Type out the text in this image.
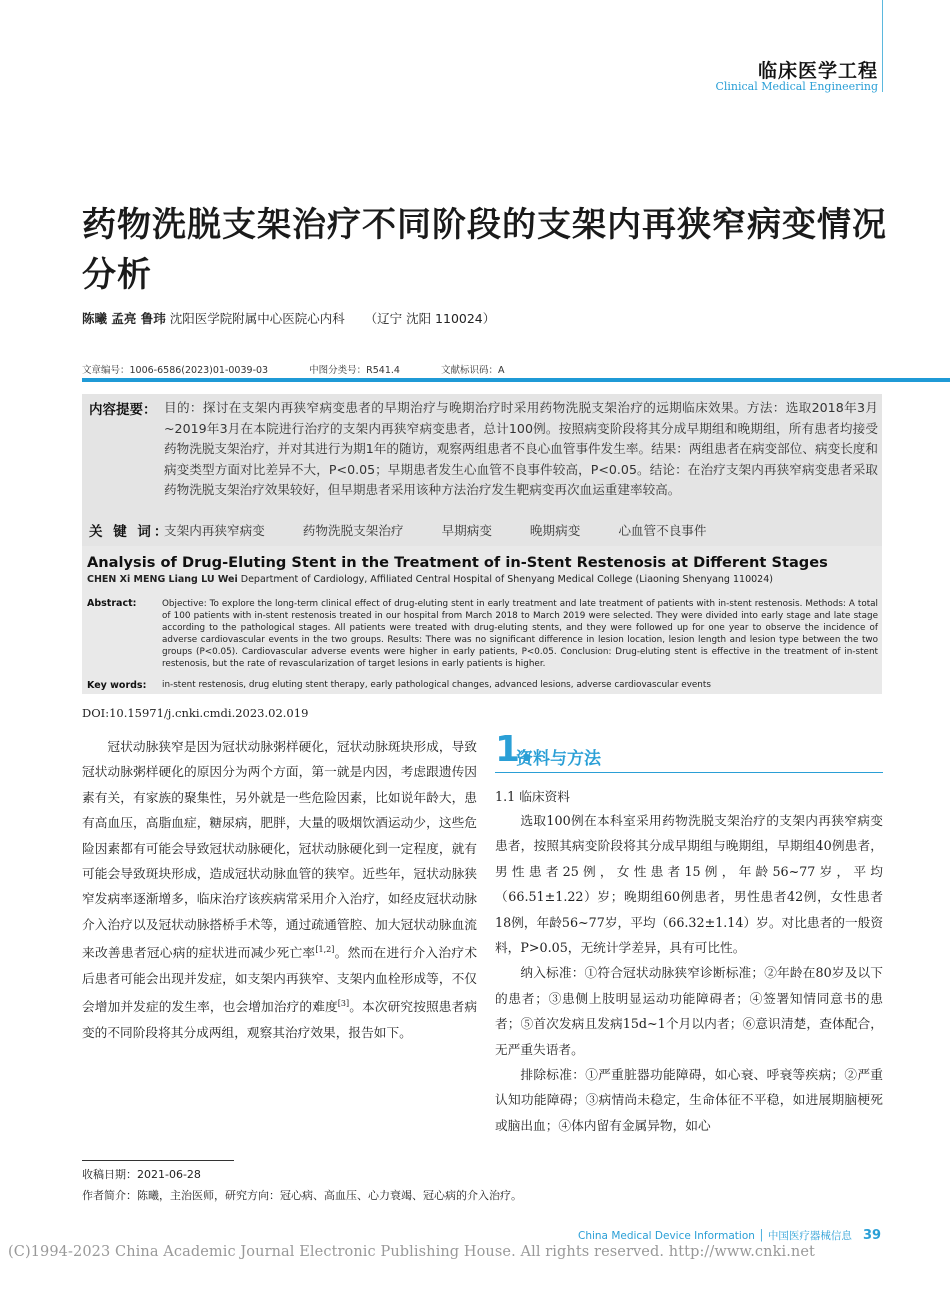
临床医学工程
Clinical Medical Engineering
药物洗脱支架治疗不同阶段的支架内再狭窄病变情况分析
陈曦 孟亮 鲁玮 沈阳医学院附属中心医院心内科 （辽宁 沈阳 110024）
文章编号：1006-6586(2023)01-0039-03	中图分类号：R541.4	文献标识码：A
内容提要： 目的：探讨在支架内再狭窄病变患者的早期治疗与晚期治疗时采用药物洗脱支架治疗的远期临床效果。方法：选取2018年3月~2019年3月在本院进行治疗的支架内再狭窄病变患者，总计100例。按照病变阶段将其分成早期组和晚期组，所有患者均接受药物洗脱支架治疗，并对其进行为期1年的随访，观察两组患者不良心血管事件发生率。结果：两组患者在病变部位、病变长度和病变类型方面对比差异不大，P<0.05；早期患者发生心血管不良事件较高，P<0.05。结论：在治疗支架内再狭窄病变患者采取药物洗脱支架治疗效果较好，但早期患者采用该种方法治疗发生靶病变再次血运重建率较高。
关 键 词：
支架内再狭窄病变	药物洗脱支架治疗	早期病变	晚期病变	心血管不良事件
Analysis of Drug-Eluting Stent in the Treatment of in-Stent Restenosis at Different Stages
CHEN Xi MENG Liang LU Wei Department of Cardiology, Affiliated Central Hospital of Shenyang Medical College (Liaoning Shenyang 110024)
Abstract:	Objective: To explore the long-term clinical effect of drug-eluting stent in early treatment and late treatment of patients with in-stent restenosis. Methods: A total of 100 patients with in-stent restenosis treated in our hospital from March 2018 to March 2019 were selected. They were divided into early stage and late stage according to the pathological stages. All patients were treated with drug-eluting stents, and they were followed up for one year to observe the incidence of adverse cardiovascular events in the two groups. Results: There was no significant difference in lesion location, lesion length and lesion type between the two groups (P<0.05). Cardiovascular adverse events were higher in early patients, P<0.05. Conclusion: Drug-eluting stent is effective in the treatment of in-stent restenosis, but the rate of revascularization of target lesions in early patients is higher.
Key words: in-stent restenosis, drug eluting stent therapy, early pathological changes, advanced lesions, adverse cardiovascular events
DOI:10.15971/j.cnki.cmdi.2023.02.019

冠状动脉狭窄是因为冠状动脉粥样硬化，冠状动脉斑块形成，导致冠状动脉粥样硬化的原因分为两个方面，第一就是内因，考虑跟遗传因素有关，有家族的聚集性，另外就是一些危险因素，比如说年龄大，患有高血压，高脂血症，糖尿病，肥胖，大量的吸烟饮酒运动少，这些危险因素都有可能会导致冠状动脉硬化，冠状动脉硬化到一定程度，就有可能会导致斑块形成，造成冠状动脉血管的狭窄。近些年，冠状动脉狭窄发病率逐渐增多，临床治疗该疾病常采用介入治疗，如经皮冠状动脉介入治疗以及冠状动脉搭桥手术等，通过疏通管腔、加大冠状动脉血流来改善患者冠心病的症状进而减少死亡率[1,2]。然而在进行介入治疗术后患者可能会出现并发症，如支架内再狭窄、支架内血栓形成等，不仅会增加并发症的发生率，也会增加治疗的难度[3]。本次研究按照患者病变的不同阶段将其分成两组，观察其治疗效果，报告如下。

1.
资料与方法
1.1 临床资料

选取100例在本科室采用药物洗脱支架治疗的支架内再狭窄病变患者，按照其病变阶段将其分成早期组与晚期组，早期组40例患者，男性患者25例，女性患者15例，年龄56~77岁，平均（66.51±1.22）岁；晚期组60例患者，男性患者42例，女性患者18例，年龄56~77岁，平均（66.32±1.14）岁。对比患者的一般资料，P>0.05，无统计学差异，具有可比性。

纳入标准：①符合冠状动脉狭窄诊断标准；②年龄在80岁及以下的患者；③患侧上肢明显运动功能障碍者；④签署知情同意书的患者；⑤首次发病且发病15d~1个月以内者；⑥意识清楚，查体配合，无严重失语者。

排除标准：①严重脏器功能障碍，如心衰、呼衰等疾病；②严重认知功能障碍；③病情尚未稳定，生命体征不平稳，如进展期脑梗死或脑出血；④体内留有金属异物，如心

收稿日期：2021-06-28
作者简介：陈曦，主治医师，研究方向：冠心病、高血压、心力衰竭、冠心病的介入治疗。
China Medical Device Information │ 中国医疗器械信息 39
(C)1994-2023 China Academic Journal Electronic Publishing House. All rights reserved. http://www.cnki.net
